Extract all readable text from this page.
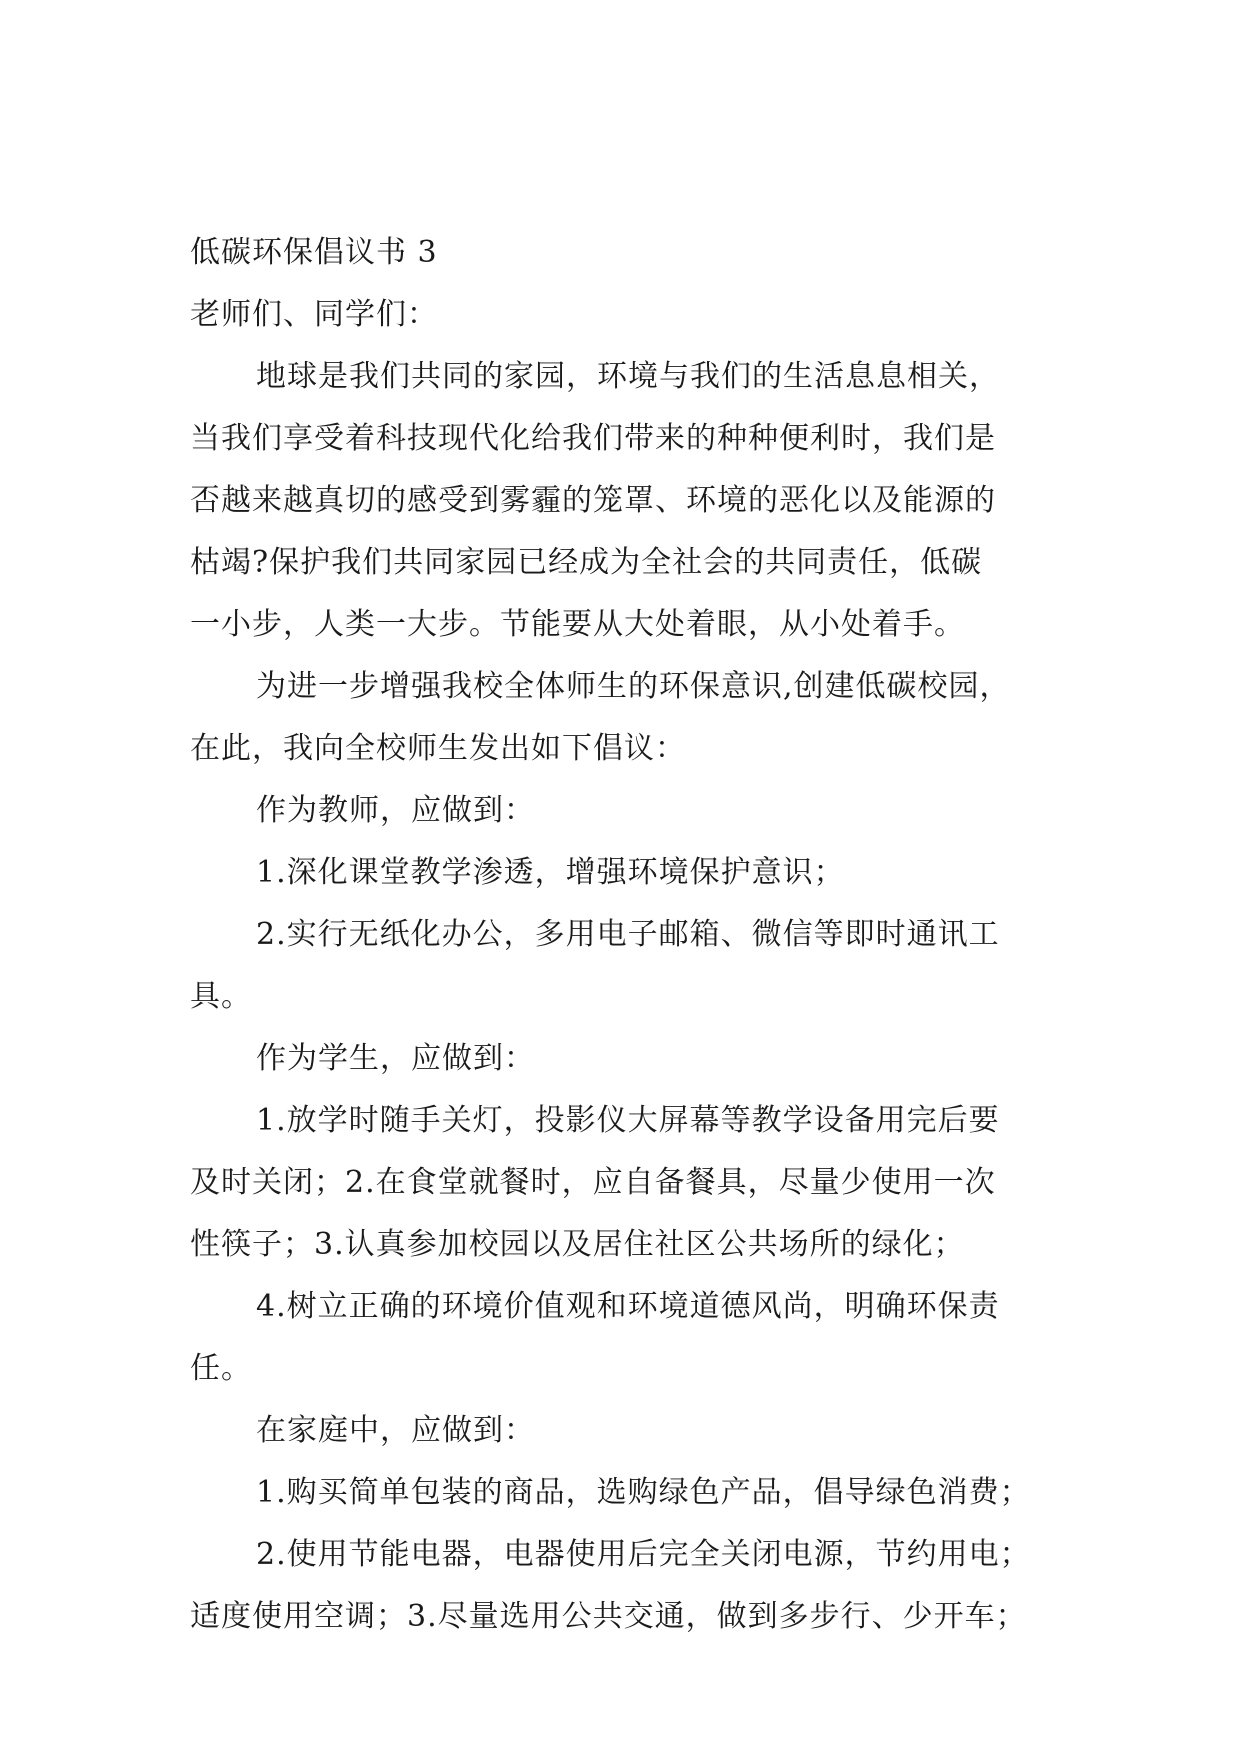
低碳环保倡议书 3
老师们、同学们：
地球是我们共同的家园，环境与我们的生活息息相关，
当我们享受着科技现代化给我们带来的种种便利时，我们是
否越来越真切的感受到雾霾的笼罩、环境的恶化以及能源的
枯竭?保护我们共同家园已经成为全社会的共同责任，低碳
一小步，人类一大步。节能要从大处着眼，从小处着手。
为进一步增强我校全体师生的环保意识,创建低碳校园，
在此，我向全校师生发出如下倡议：
作为教师，应做到：
1.深化课堂教学渗透，增强环境保护意识；
2.实行无纸化办公，多用电子邮箱、微信等即时通讯工
具。
作为学生，应做到：
1.放学时随手关灯，投影仪大屏幕等教学设备用完后要
及时关闭；2.在食堂就餐时，应自备餐具，尽量少使用一次
性筷子；3.认真参加校园以及居住社区公共场所的绿化；
4.树立正确的环境价值观和环境道德风尚，明确环保责
任。
在家庭中，应做到：
1.购买简单包装的商品，选购绿色产品，倡导绿色消费；
2.使用节能电器，电器使用后完全关闭电源，节约用电；
适度使用空调；3.尽量选用公共交通，做到多步行、少开车；
